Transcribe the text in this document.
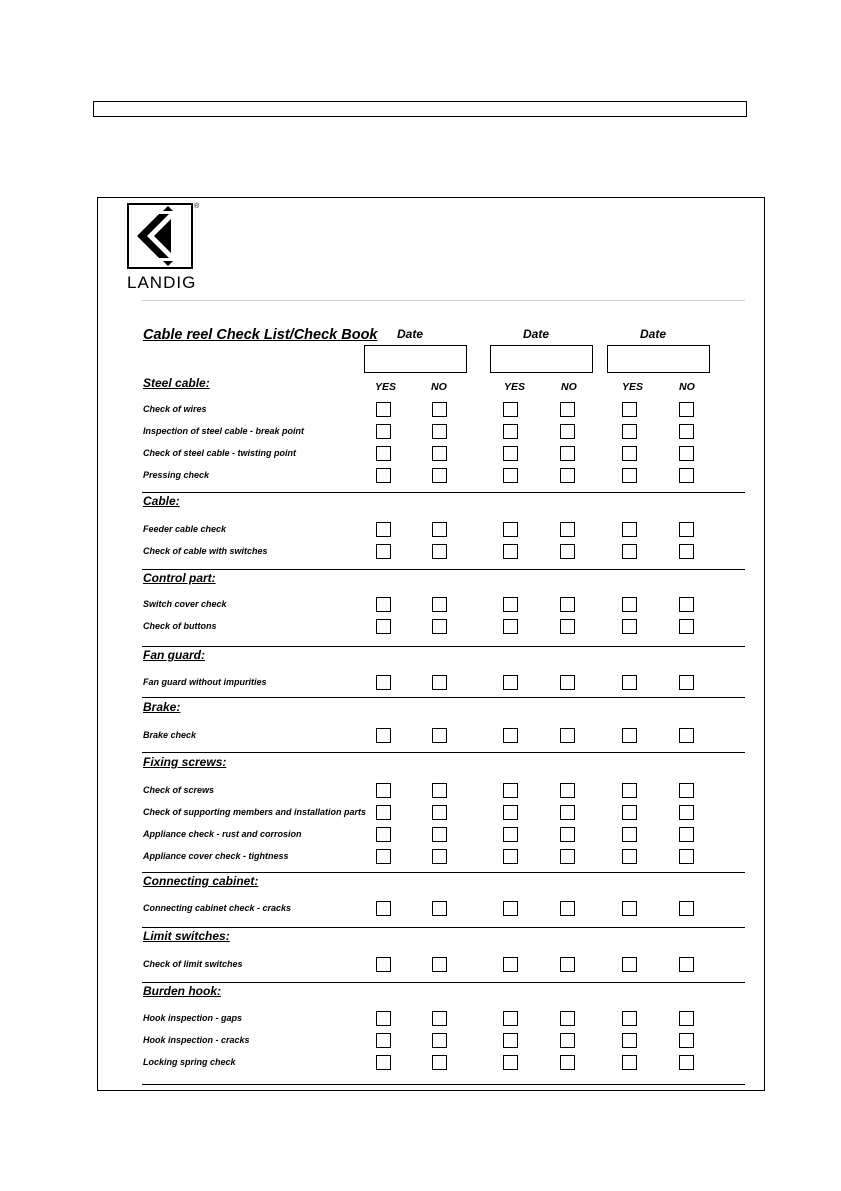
®
LANDIG
Cable reel Check List/Check Book Date	Date	Date
Steel cable:	YES	NO	YES	NO	YES	NO
Check of wires
Inspection of steel cable - break point
Check of steel cable - twisting point
Pressing check
Cable:
Feeder cable check
Check of cable with switches
Control part:
Switch cover check
Check of buttons
Fan guard:
Fan guard without impurities
Brake:
Brake check
Fixing screws:
Check of screws
Check of supporting members and installation parts
Appliance check - rust and corrosion
Appliance cover check - tightness
Connecting cabinet:
Connecting cabinet check - cracks
Limit switches:
Check of limit switches
Burden hook:
Hook inspection - gaps
Hook inspection - cracks
Locking spring check
